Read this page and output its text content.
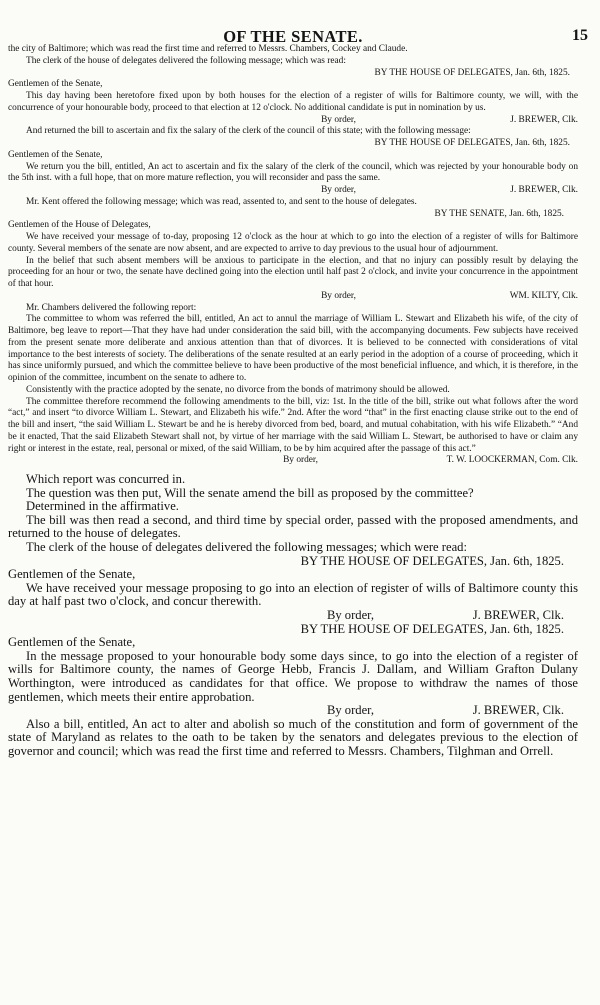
OF THE SENATE.	15

the city of Baltimore; which was read the first time and referred to Messrs. Chambers, Cockey and Claude.

The clerk of the house of delegates delivered the following message; which was read:

BY THE HOUSE OF DELEGATES, Jan. 6th, 1825.

Gentlemen of the Senate,

This day having been heretofore fixed upon by both houses for the election of a register of wills for Baltimore county, we will, with the concurrence of your honourable body, proceed to that election at 12 o'clock. No additional candidate is put in nomination by us.

By order,	J. BREWER, Clk.

And returned the bill to ascertain and fix the salary of the clerk of the council of this state; with the following message:

BY THE HOUSE OF DELEGATES, Jan. 6th, 1825.

Gentlemen of the Senate,

We return you the bill, entitled, An act to ascertain and fix the salary of the clerk of the council, which was rejected by your honourable body on the 5th inst. with a full hope, that on more mature reflection, you will reconsider and pass the same.

By order,	J. BREWER, Clk.

Mr. Kent offered the following message; which was read, assented to, and sent to the house of delegates.

BY THE SENATE, Jan. 6th, 1825.

Gentlemen of the House of Delegates,

We have received your message of to-day, proposing 12 o'clock as the hour at which to go into the election of a register of wills for Baltimore county. Several members of the senate are now absent, and are expected to arrive to day previous to the usual hour of adjournment.

In the belief that such absent members will be anxious to participate in the election, and that no injury can possibly result by delaying the proceeding for an hour or two, the senate have declined going into the election until half past 2 o'clock, and invite your concurrence in the appointment of that hour.

By order,	WM. KILTY, Clk.

Mr. Chambers delivered the following report:

The committee to whom was referred the bill, entitled, An act to annul the marriage of William L. Stewart and Elizabeth his wife, of the city of Baltimore, beg leave to report—That they have had under consideration the said bill, with the accompanying documents. Few subjects have received from the present senate more deliberate and anxious attention than that of divorces. It is believed to be connected with considerations of vital importance to the best interests of society. The deliberations of the senate resulted at an early period in the adoption of a course of proceeding, which it has since uniformly pursued, and which the committee believe to have been productive of the most beneficial influence, and which, it is therefore, in the opinion of the committee, incumbent on the senate to adhere to.

Consistently with the practice adopted by the senate, no divorce from the bonds of matrimony should be allowed.

The committee therefore recommend the following amendments to the bill, viz: 1st. In the title of the bill, strike out what follows after the word “act,” and insert “to divorce William L. Stewart, and Elizabeth his wife.” 2nd. After the word “that” in the first enacting clause strike out to the end of the bill and insert, “the said William L. Stewart be and he is hereby divorced from bed, board, and mutual cohabitation, with his wife Elizabeth.” “And be it enacted, That the said Elizabeth Stewart shall not, by virtue of her marriage with the said William L. Stewart, be authorised to have or claim any right or interest in the estate, real, personal or mixed, of the said William, to be by him acquired after the passage of this act.”

By order,	T. W. LOOCKERMAN, Com. Clk.

Which report was concurred in.

The question was then put, Will the senate amend the bill as proposed by the committee?

Determined in the affirmative.

The bill was then read a second, and third time by special order, passed with the proposed amendments, and returned to the house of delegates.

The clerk of the house of delegates delivered the following messages; which were read:

BY THE HOUSE OF DELEGATES, Jan. 6th, 1825.

Gentlemen of the Senate,

We have received your message proposing to go into an election of register of wills of Baltimore county this day at half past two o'clock, and concur therewith.

By order,	J. BREWER, Clk.

BY THE HOUSE OF DELEGATES, Jan. 6th, 1825.

Gentlemen of the Senate,

In the message proposed to your honourable body some days since, to go into the election of a register of wills for Baltimore county, the names of George Hebb, Francis J. Dallam, and William Grafton Dulany Worthington, were introduced as candidates for that office. We propose to withdraw the names of those gentlemen, which meets their entire approbation.

By order,	J. BREWER, Clk.

Also a bill, entitled, An act to alter and abolish so much of the constitution and form of government of the state of Maryland as relates to the oath to be taken by the senators and delegates previous to the election of governor and council; which was read the first time and referred to Messrs. Chambers, Tilghman and Orrell.
